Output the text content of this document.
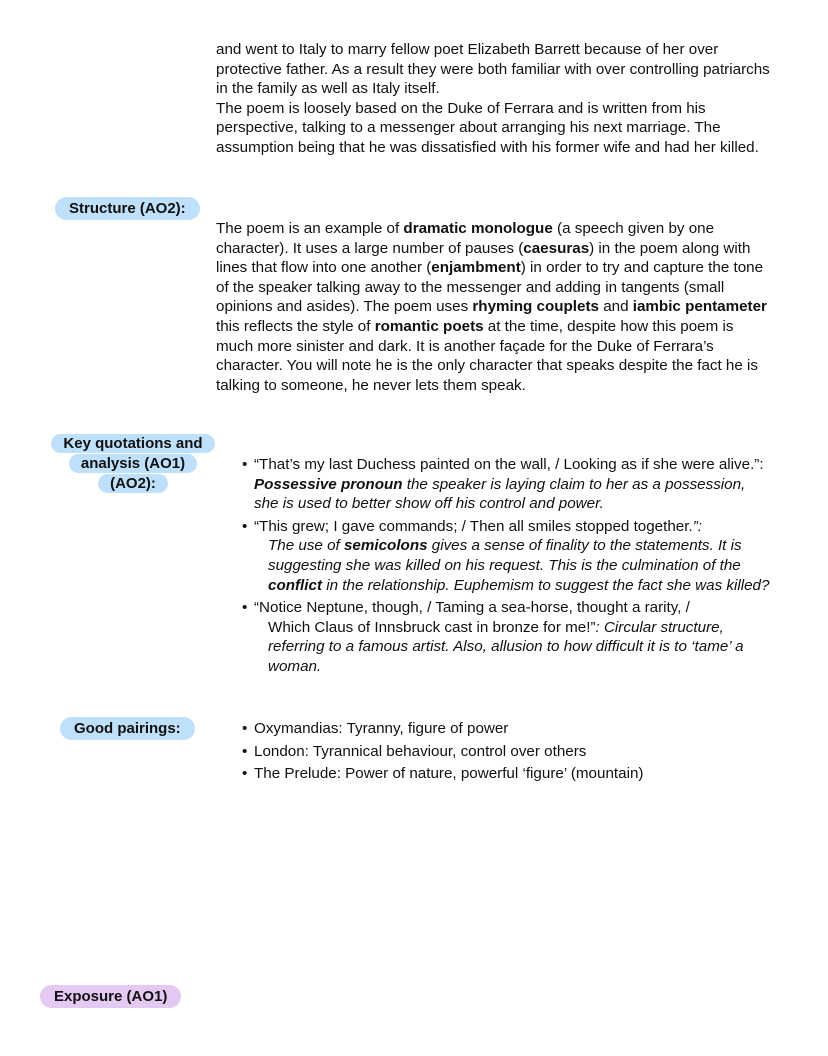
and went to Italy to marry fellow poet Elizabeth Barrett because of her over protective father. As a result they were both familiar with over controlling patriarchs in the family as well as Italy itself.
The poem is loosely based on the Duke of Ferrara and is written from his perspective, talking to a messenger about arranging his next marriage. The assumption being that he was dissatisfied with his former wife and had her killed.
Structure (AO2):
The poem is an example of dramatic monologue (a speech given by one character). It uses a large number of pauses (caesuras) in the poem along with lines that flow into one another (enjambment) in order to try and capture the tone of the speaker talking away to the messenger and adding in tangents (small opinions and asides). The poem uses rhyming couplets and iambic pentameter this reflects the style of romantic poets at the time, despite how this poem is much more sinister and dark. It is another façade for the Duke of Ferrara’s character. You will note he is the only character that speaks despite the fact he is talking to someone, he never lets them speak.
Key quotations and
analysis (AO1)
(AO2):
• “That’s my last Duchess painted on the wall, / Looking as if she were alive.”: Possessive pronoun the speaker is laying claim to her as a possession, she is used to better show off his control and power.
• “This grew; I gave commands; / Then all smiles stopped together.”:
The use of semicolons gives a sense of finality to the statements. It is suggesting she was killed on his request. This is the culmination of the conflict in the relationship. Euphemism to suggest the fact she was killed?
• “Notice Neptune, though, / Taming a sea-horse, thought a rarity, /
Which Claus of Innsbruck cast in bronze for me!”: Circular structure, referring to a famous artist. Also, allusion to how difficult it is to ‘tame’ a woman.
Good pairings:
•	Oxymandias: Tyranny, figure of power
• London: Tyrannical behaviour, control over others
• The Prelude: Power of nature, powerful ‘figure’ (mountain)
Exposure (AO1)
